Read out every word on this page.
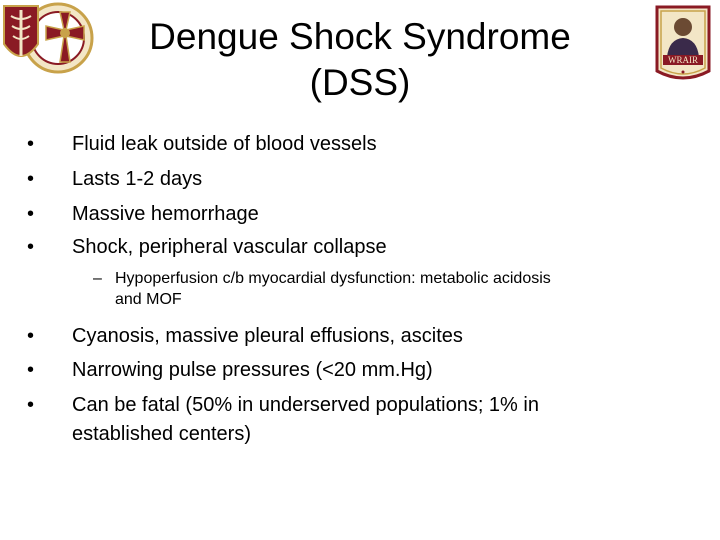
WRAIR
Dengue Shock Syndrome
(DSS)
• Fluid leak outside of blood vessels
• Lasts 1-2 days
• Massive hemorrhage
• Shock, peripheral vascular collapse
– Hypoperfusion c/b myocardial dysfunction: metabolic acidosis
and MOF
• Cyanosis, massive pleural effusions, ascites
• Narrowing pulse pressures (<20 mm.Hg)
• Can be fatal (50% in underserved populations; 1% in
established centers)
